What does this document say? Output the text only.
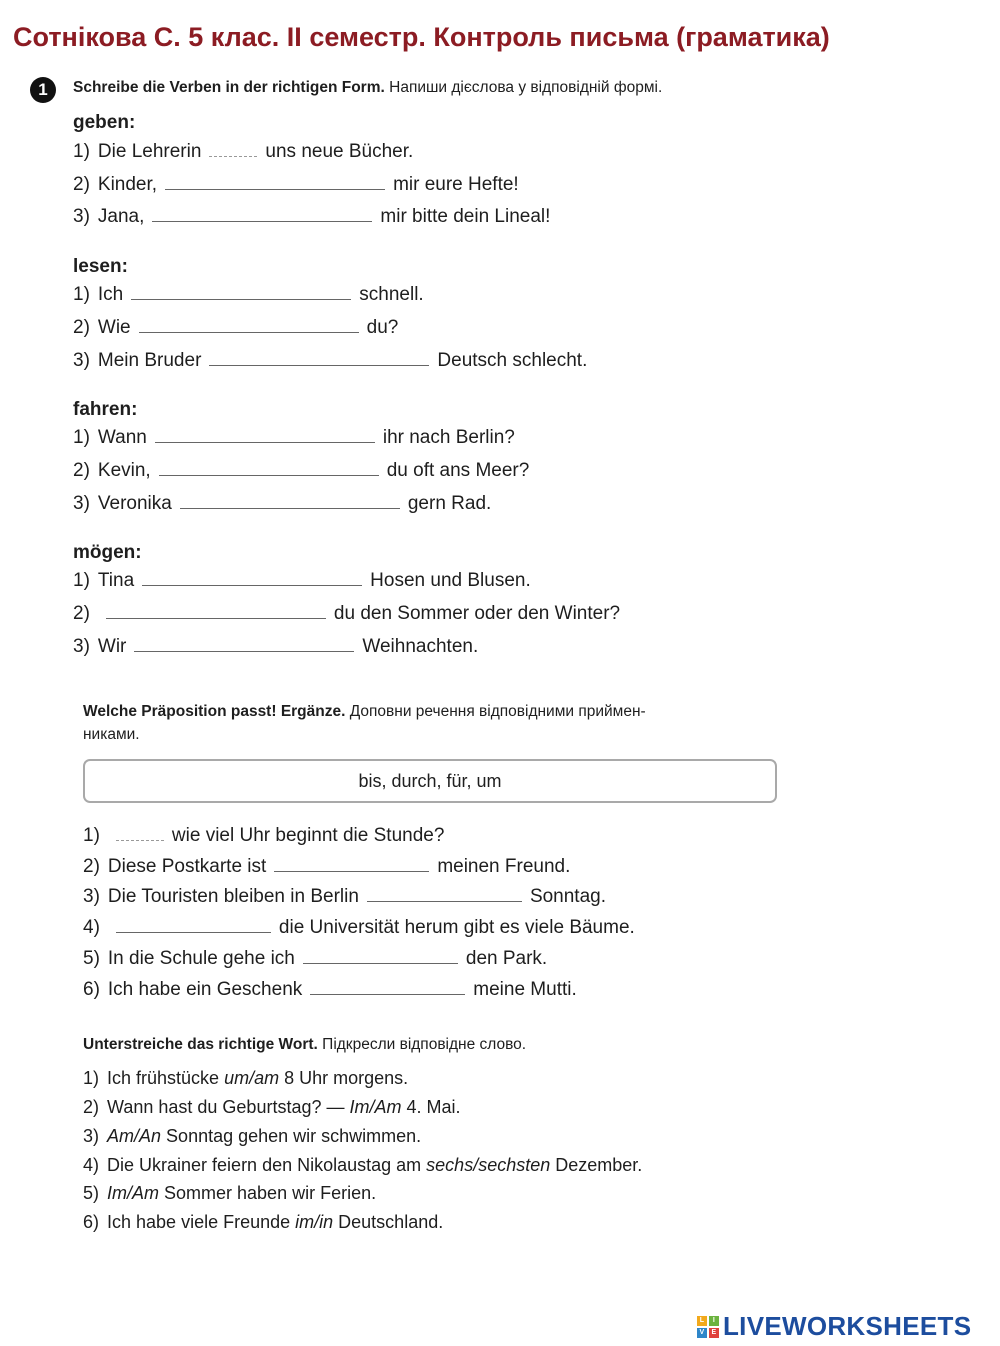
Сотнікова С. 5 клас. ІІ семестр. Контроль письма (граматика)
1	Schreibe die Verben in der richtigen Form. Напиши дієслова у відповідній формі.
geben:
1) Die Lehrerin	uns neue Bücher.
2) Kinder,	mir eure Hefte!
3) Jana,	mir bitte dein Lineal!
lesen:
1) Ich	schnell.
2) Wie	du?
3) Mein Bruder	Deutsch schlecht.
fahren:
1) Wann	ihr nach Berlin?
2) Kevin,	du oft ans Meer?
3) Veronika	gern Rad.
mögen:
1) Tina	Hosen und Blusen.
2)	du den Sommer oder den Winter?
3) Wir	Weihnachten.
Welche Präposition passt! Ergänze. Доповни речення відповідними приймен-
никами.
bis, durch, für, um
1)	wie viel Uhr beginnt die Stunde?
2) Diese Postkarte ist	meinen Freund.
3) Die Touristen bleiben in Berlin	Sonntag.
4)	die Universität herum gibt es viele Bäume.
5) In die Schule gehe ich	den Park.
6) Ich habe ein Geschenk	meine Mutti.
Unterstreiche das richtige Wort. Підкресли відповідне слово.
1) Ich frühstücke um/am 8 Uhr morgens.
2) Wann hast du Geburtstag? — Im/Am 4. Mai.
3) Am/An Sonntag gehen wir schwimmen.
4) Die Ukrainer feiern den Nikolaustag am sechs/sechsten Dezember.
5) Im/Am Sommer haben wir Ferien.
6) Ich habe viele Freunde im/in Deutschland.
L	I
V	E LIVEWORKSHEETS
